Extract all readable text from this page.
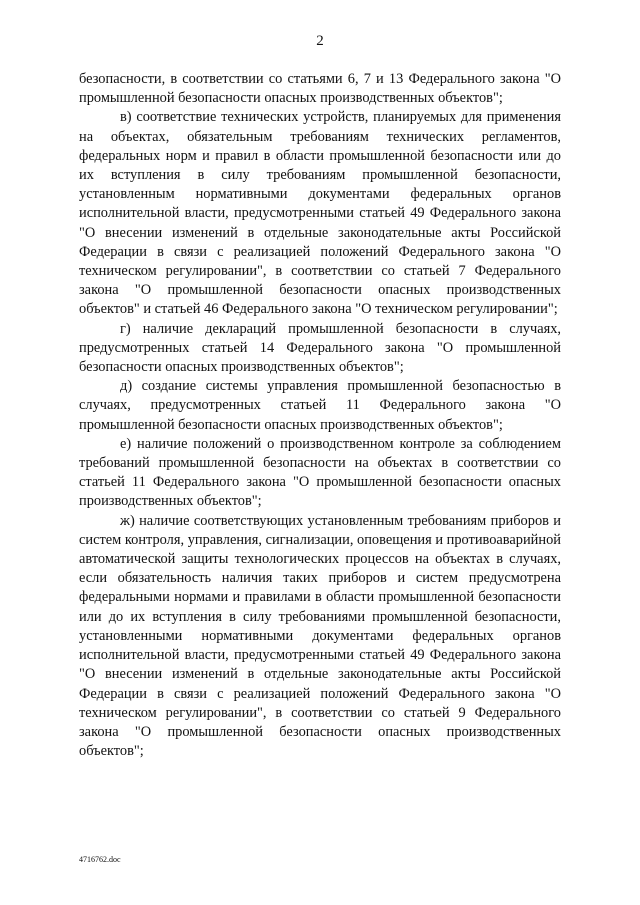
2

безопасности, в соответствии со статьями 6, 7 и 13 Федерального закона "О промышленной безопасности опасных производственных объектов";

в) соответствие технических устройств, планируемых для применения на объектах, обязательным требованиям технических регламентов, федеральных норм и правил в области промышленной безопасности или до их вступления в силу требованиям промышленной безопасности, установленным нормативными документами федеральных органов исполнительной власти, предусмотренными статьей 49 Федерального закона "О внесении изменений в отдельные законодательные акты Российской Федерации в связи с реализацией положений Федерального закона "О техническом регулировании", в соответствии со статьей 7 Федерального закона "О промышленной безопасности опасных производственных объектов" и статьей 46 Федерального закона "О техническом регулировании";

г) наличие деклараций промышленной безопасности в случаях, предусмотренных статьей 14 Федерального закона "О промышленной безопасности опасных производственных объектов";

д) создание системы управления промышленной безопасностью в случаях, предусмотренных статьей 11 Федерального закона "О промышленной безопасности опасных производственных объектов";

е) наличие положений о производственном контроле за соблюдением требований промышленной безопасности на объектах в соответствии со статьей 11 Федерального закона "О промышленной безопасности опасных производственных объектов";

ж) наличие соответствующих установленным требованиям приборов и систем контроля, управления, сигнализации, оповещения и противоаварийной автоматической защиты технологических процессов на объектах в случаях, если обязательность наличия таких приборов и систем предусмотрена федеральными нормами и правилами в области промышленной безопасности или до их вступления в силу требованиями промышленной безопасности, установленными нормативными документами федеральных органов исполнительной власти, предусмотренными статьей 49 Федерального закона "О внесении изменений в отдельные законодательные акты Российской Федерации в связи с реализацией положений Федерального закона "О техническом регулировании", в соответствии со статьей 9 Федерального закона "О промышленной безопасности опасных производственных объектов";

4716762.doc
